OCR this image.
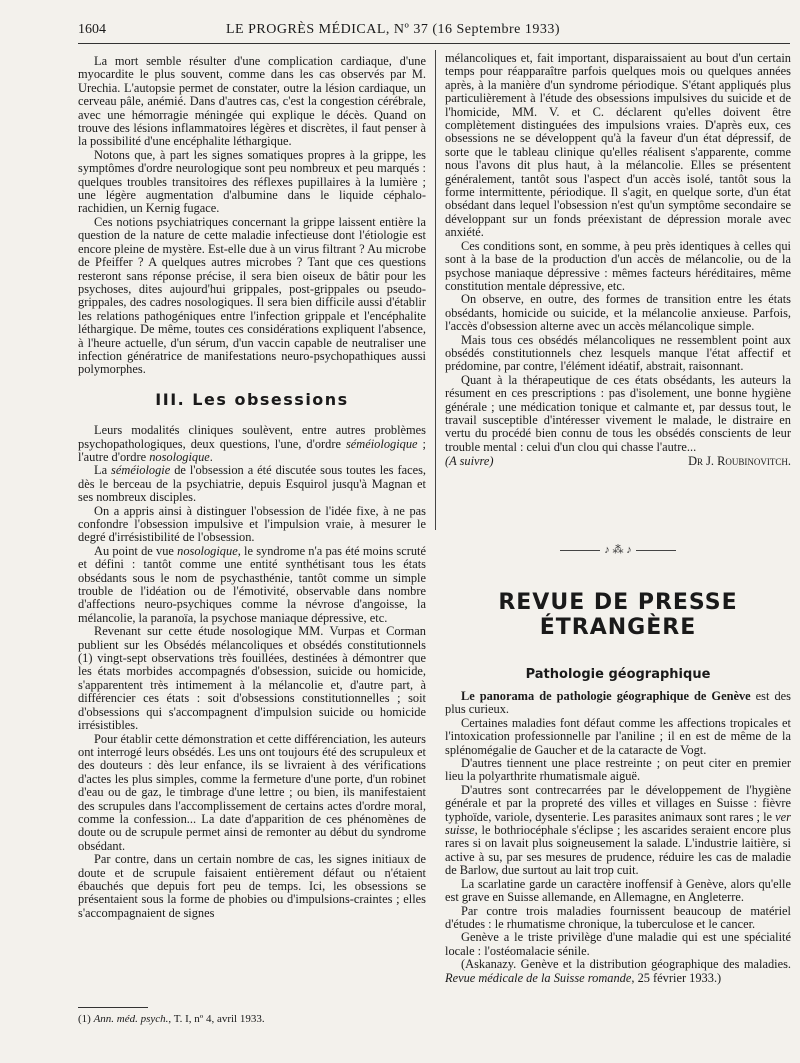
1604	LE PROGRÈS MÉDICAL, Nº 37 (16 Septembre 1933)

La mort semble résulter d'une complication cardiaque, d'une myocardite le plus souvent, comme dans les cas observés par M. Urechia. L'autopsie permet de constater, outre la lésion cardiaque, un cerveau pâle, anémié. Dans d'autres cas, c'est la congestion cérébrale, avec une hémorragie méningée qui explique le décès. Quand on trouve des lésions inflammatoires légères et discrètes, il faut penser à la possibilité d'une encéphalite léthargique.

Notons que, à part les signes somatiques propres à la grippe, les symptômes d'ordre neurologique sont peu nombreux et peu marqués : quelques troubles transitoires des réflexes pupillaires à la lumière ; une légère augmentation d'albumine dans le liquide céphalo-rachidien, un Kernig fugace.

Ces notions psychiatriques concernant la grippe laissent entière la question de la nature de cette maladie infectieuse dont l'étiologie est encore pleine de mystère. Est-elle due à un virus filtrant ? Au microbe de Pfeiffer ? A quelques autres microbes ? Tant que ces questions resteront sans réponse précise, il sera bien oiseux de bâtir pour les psychoses, dites aujourd'hui grippales, post-grippales ou pseudo-grippales, des cadres nosologiques. Il sera bien difficile aussi d'établir les relations pathogéniques entre l'infection grippale et l'encéphalite léthargique. De même, toutes ces considérations expliquent l'absence, à l'heure actuelle, d'un sérum, d'un vaccin capable de neutraliser une infection génératrice de manifestations neuro-psychopathiques aussi polymorphes.

III. Les obsessions

Leurs modalités cliniques soulèvent, entre autres problèmes psychopathologiques, deux questions, l'une, d'ordre séméiologique ; l'autre d'ordre nosologique.

La séméiologie de l'obsession a été discutée sous toutes les faces, dès le berceau de la psychiatrie, depuis Esquirol jusqu'à Magnan et ses nombreux disciples.

On a appris ainsi à distinguer l'obsession de l'idée fixe, à ne pas confondre l'obsession impulsive et l'impulsion vraie, à mesurer le degré d'irrésistibilité de l'obsession.

Au point de vue nosologique, le syndrome n'a pas été moins scruté et défini : tantôt comme une entité synthétisant tous les états obsédants sous le nom de psychasthénie, tantôt comme un simple trouble de l'idéation ou de l'émotivité, observable dans nombre d'affections neuro-psychiques comme la névrose d'angoisse, la mélancolie, la paranoïa, la psychose maniaque dépressive, etc.

Revenant sur cette étude nosologique MM. Vurpas et Corman publient sur les Obsédés mélancoliques et obsédés constitutionnels (1) vingt-sept observations très fouillées, destinées à démontrer que les états morbides accompagnés d'obsession, suicide ou homicide, s'apparentent très intimement à la mélancolie et, d'autre part, à différencier ces états : soit d'obsessions constitutionnelles ; soit d'obsessions qui s'accompagnent d'impulsion suicide ou homicide irrésistibles.

Pour établir cette démonstration et cette différenciation, les auteurs ont interrogé leurs obsédés. Les uns ont toujours été des scrupuleux et des douteurs : dès leur enfance, ils se livraient à des vérifications d'actes les plus simples, comme la fermeture d'une porte, d'un robinet d'eau ou de gaz, le timbrage d'une lettre ; ou bien, ils manifestaient des scrupules dans l'accomplissement de certains actes d'ordre moral, comme la confession... La date d'apparition de ces phénomènes de doute ou de scrupule permet ainsi de remonter au début du syndrome obsédant.

Par contre, dans un certain nombre de cas, les signes initiaux de doute et de scrupule faisaient entièrement défaut ou n'étaient ébauchés que depuis fort peu de temps. Ici, les obsessions se présentaient sous la forme de phobies ou d'impulsions-craintes ; elles s'accompagnaient de signes

(1) Ann. méd. psych., T. I, nº 4, avril 1933.

mélancoliques et, fait important, disparaissaient au bout d'un certain temps pour réapparaître parfois quelques mois ou quelques années après, à la manière d'un syndrome périodique. S'étant appliqués plus particulièrement à l'étude des obsessions impulsives du suicide et de l'homicide, MM. V. et C. déclarent qu'elles doivent être complètement distinguées des impulsions vraies. D'après eux, ces obsessions ne se développent qu'à la faveur d'un état dépressif, de sorte que le tableau clinique qu'elles réalisent s'apparente, comme nous l'avons dit plus haut, à la mélancolie. Elles se présentent généralement, tantôt sous l'aspect d'un accès isolé, tantôt sous la forme intermittente, périodique. Il s'agit, en quelque sorte, d'un état obsédant dans lequel l'obsession n'est qu'un symptôme secondaire se développant sur un fonds préexistant de dépression morale avec anxiété.

Ces conditions sont, en somme, à peu près identiques à celles qui sont à la base de la production d'un accès de mélancolie, ou de la psychose maniaque dépressive : mêmes facteurs héréditaires, même constitution mentale dépressive, etc.

On observe, en outre, des formes de transition entre les états obsédants, homicide ou suicide, et la mélancolie anxieuse. Parfois, l'accès d'obsession alterne avec un accès mélancolique simple.

Mais tous ces obsédés mélancoliques ne ressemblent point aux obsédés constitutionnels chez lesquels manque l'état affectif et prédomine, par contre, l'élément idéatif, abstrait, raisonnant.

Quant à la thérapeutique de ces états obsédants, les auteurs la résument en ces prescriptions : pas d'isolement, une bonne hygiène générale ; une médication tonique et calmante et, par dessus tout, le travail susceptible d'intéresser vivement le malade, le distraire en vertu du procédé bien connu de tous les obsédés conscients de leur trouble mental : celui d'un clou qui chasse l'autre...

(A suivre)	Dr J. Roubinovitch.
♪ ⁂ ♪
REVUE DE PRESSE ÉTRANGÈRE
Pathologie géographique

Le panorama de pathologie géographique de Genève est des plus curieux.

Certaines maladies font défaut comme les affections tropicales et l'intoxication professionnelle par l'aniline ; il en est de même de la splénomégalie de Gaucher et de la cataracte de Vogt.

D'autres tiennent une place restreinte ; on peut citer en premier lieu la polyarthrite rhumatismale aiguë.

D'autres sont contrecarrées par le développement de l'hygiène générale et par la propreté des villes et villages en Suisse : fièvre typhoïde, variole, dysenterie. Les parasites animaux sont rares ; le ver suisse, le bothriocéphale s'éclipse ; les ascarides seraient encore plus rares si on lavait plus soigneusement la salade. L'industrie laitière, si active à su, par ses mesures de prudence, réduire les cas de maladie de Barlow, due surtout au lait trop cuit.

La scarlatine garde un caractère inoffensif à Genève, alors qu'elle est grave en Suisse allemande, en Allemagne, en Angleterre.

Par contre trois maladies fournissent beaucoup de matériel d'études : le rhumatisme chronique, la tuberculose et le cancer.

Genève a le triste privilège d'une maladie qui est une spécialité locale : l'ostéomalacie sénile.

(Askanazy. Genève et la distribution géographique des maladies. Revue médicale de la Suisse romande, 25 février 1933.)
